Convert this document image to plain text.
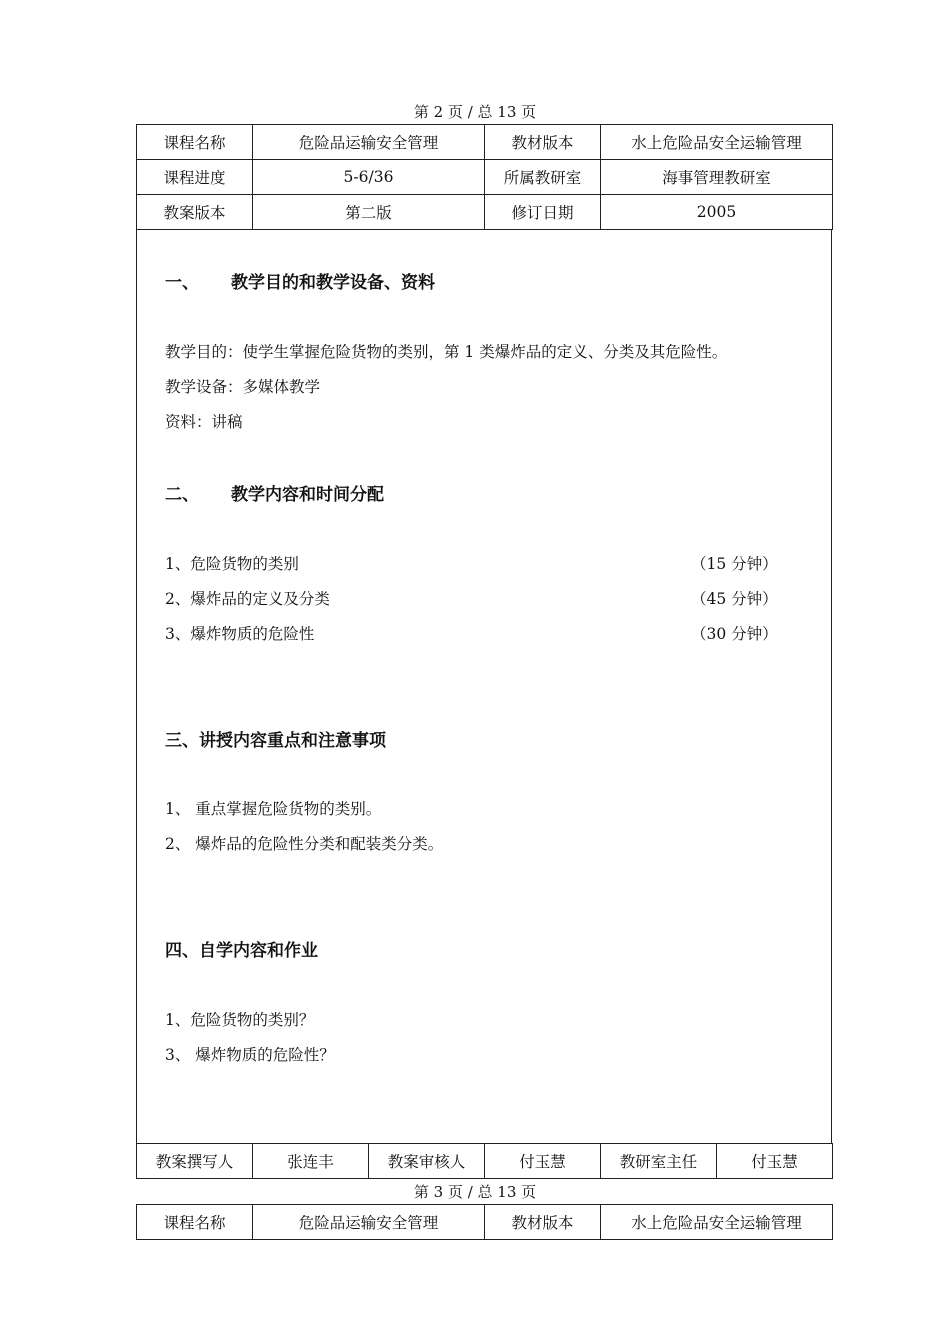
第 2 页 / 总 13 页
课程名称	危险品运输安全管理	教材版本	水上危险品安全运输管理
课程进度	5-6/36	所属教研室	海事管理教研室
教案版本	第二版	修订日期	2005
一、 教学目的和教学设备、资料
教学目的：使学生掌握危险货物的类别，第 1 类爆炸品的定义、分类及其危险性。
教学设备：多媒体教学
资料：讲稿
二、 教学内容和时间分配
1、危险货物的类别	（15 分钟）
2、爆炸品的定义及分类	（45 分钟）
3、爆炸物质的危险性	（30 分钟）
三、讲授内容重点和注意事项
1、 重点掌握危险货物的类别。
2、 爆炸品的危险性分类和配装类分类。
四、自学内容和作业
1、危险货物的类别？
3、 爆炸物质的危险性？
教案撰写人	张连丰	教案审核人	付玉慧	教研室主任	付玉慧
第 3 页 / 总 13 页
课程名称	危险品运输安全管理	教材版本	水上危险品安全运输管理
